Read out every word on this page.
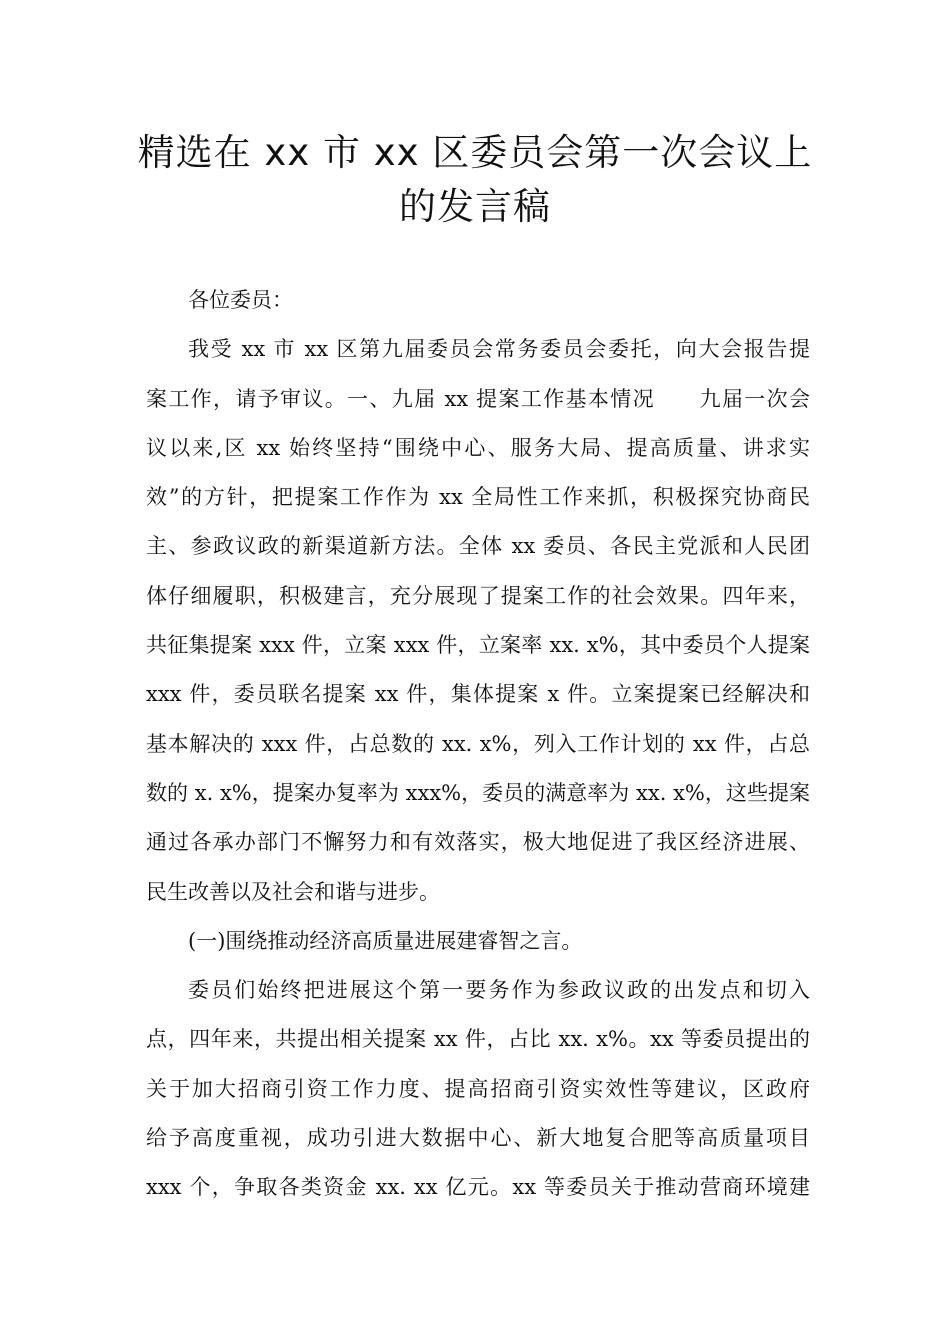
精选在 xx 市 xx 区委员会第一次会议上
的发言稿

各位委员：

我受 xx 市 xx 区第九届委员会常务委员会委托，向大会报告提
案工作，请予审议。一、九届 xx 提案工作基本情况　　九届一次会
议以来,区 xx 始终坚持“围绕中心、服务大局、提高质量、讲求实
效”的方针，把提案工作作为 xx 全局性工作来抓，积极探究协商民
主、参政议政的新渠道新方法。全体 xx 委员、各民主党派和人民团
体仔细履职，积极建言，充分展现了提案工作的社会效果。四年来，
共征集提案 xxx 件，立案 xxx 件，立案率 xx. x%，其中委员个人提案
xxx 件，委员联名提案 xx 件，集体提案 x 件。立案提案已经解决和
基本解决的 xxx 件，占总数的 xx. x%，列入工作计划的 xx 件，占总
数的 x. x%，提案办复率为 xxx%，委员的满意率为 xx. x%，这些提案
通过各承办部门不懈努力和有效落实，极大地促进了我区经济进展、
民生改善以及社会和谐与进步。

(一)围绕推动经济高质量进展建睿智之言。

委员们始终把进展这个第一要务作为参政议政的出发点和切入
点，四年来，共提出相关提案 xx 件，占比 xx. x%。xx 等委员提出的
关于加大招商引资工作力度、提高招商引资实效性等建议，区政府
给予高度重视，成功引进大数据中心、新大地复合肥等高质量项目
xxx 个，争取各类资金 xx. xx 亿元。xx 等委员关于推动营商环境建
